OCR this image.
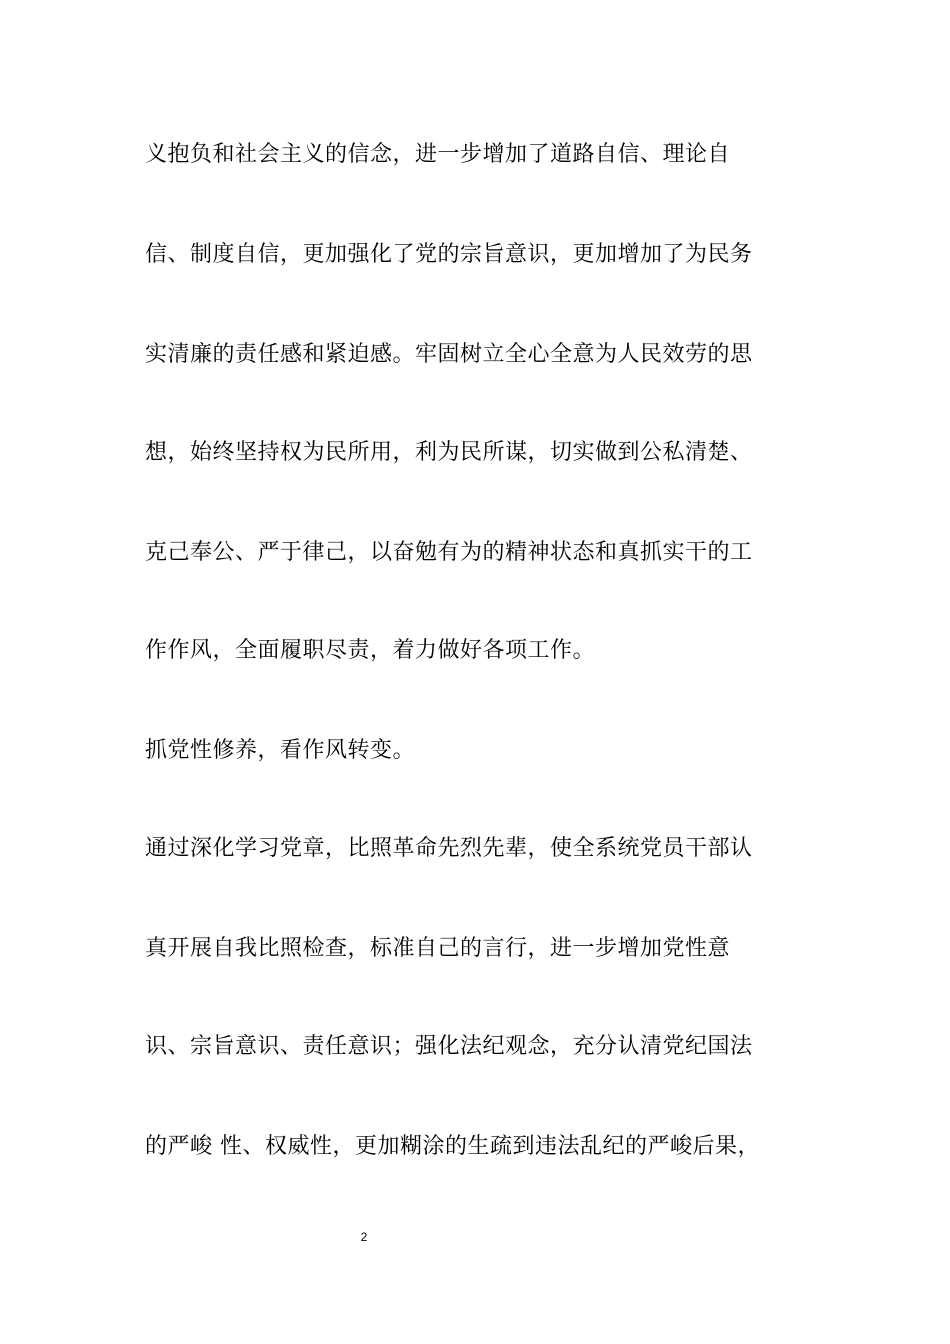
义抱负和社会主义的信念，进一步增加了道路自信、理论自
信、制度自信，更加强化了党的宗旨意识，更加增加了为民务
实清廉的责任感和紧迫感。牢固树立全心全意为人民效劳的思
想，始终坚持权为民所用，利为民所谋，切实做到公私清楚、
克己奉公、严于律己，以奋勉有为的精神状态和真抓实干的工
作作风，全面履职尽责，着力做好各项工作。
抓党性修养，看作风转变。
通过深化学习党章，比照革命先烈先辈，使全系统党员干部认
真开展自我比照检查，标准自己的言行，进一步增加党性意
识、宗旨意识、责任意识；强化法纪观念，充分认清党纪国法
的严峻 性、权威性，更加糊涂的生疏到违法乱纪的严峻后果，
2
